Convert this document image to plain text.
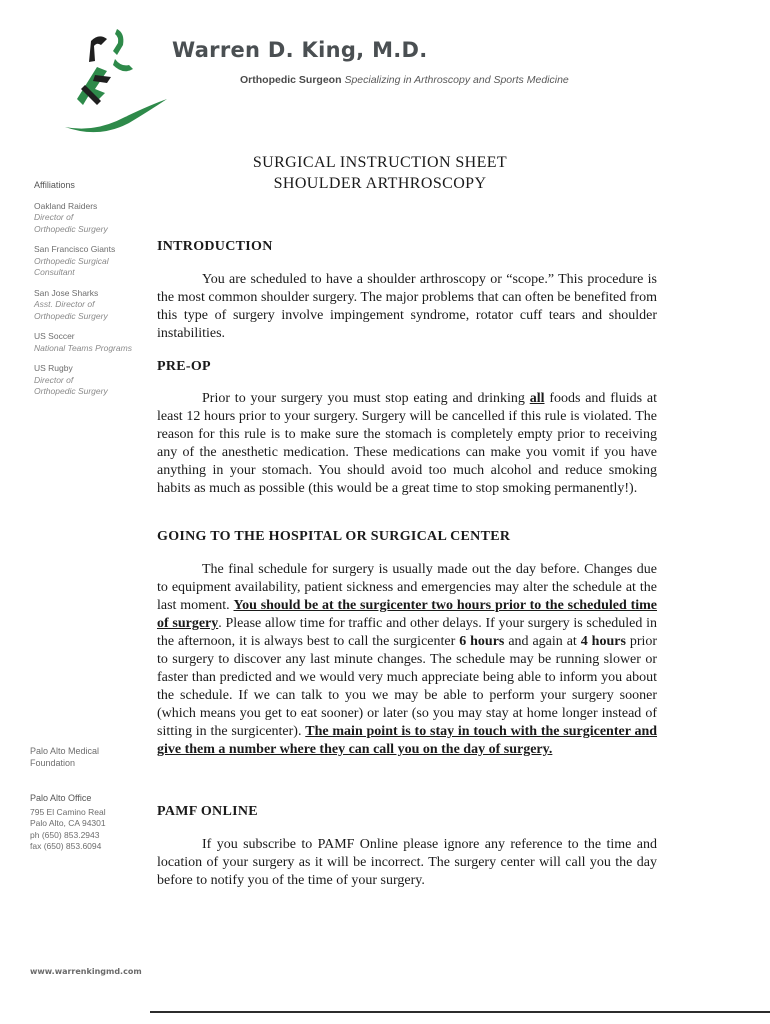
Warren D. King, M.D.
Orthopedic Surgeon Specializing in Arthroscopy and Sports Medicine
SURGICAL INSTRUCTION SHEET
SHOULDER ARTHROSCOPY
Affiliations
Oakland Raiders
Director of
Orthopedic Surgery
San Francisco Giants
Orthopedic Surgical
Consultant
San Jose Sharks
Asst. Director of
Orthopedic Surgery
US Soccer
National Teams Programs
US Rugby
Director of
Orthopedic Surgery
Palo Alto Medical
Foundation
Palo Alto Office
795 El Camino Real
Palo Alto, CA 94301
ph (650) 853.2943
fax (650) 853.6094
www.warrenkingmd.com
INTRODUCTION

You are scheduled to have a shoulder arthroscopy or “scope.” This procedure is the most common shoulder surgery. The major problems that can often be benefited from this type of surgery involve impingement syndrome, rotator cuff tears and shoulder instabilities.

PRE-OP

Prior to your surgery you must stop eating and drinking all foods and fluids at least 12 hours prior to your surgery. Surgery will be cancelled if this rule is violated. The reason for this rule is to make sure the stomach is completely empty prior to receiving any of the anesthetic medication. These medications can make you vomit if you have anything in your stomach. You should avoid too much alcohol and reduce smoking habits as much as possible (this would be a great time to stop smoking permanently!).

GOING TO THE HOSPITAL OR SURGICAL CENTER

The final schedule for surgery is usually made out the day before. Changes due to equipment availability, patient sickness and emergencies may alter the schedule at the last moment. You should be at the surgicenter two hours prior to the scheduled time of surgery. Please allow time for traffic and other delays. If your surgery is scheduled in the afternoon, it is always best to call the surgicenter 6 hours and again at 4 hours prior to surgery to discover any last minute changes. The schedule may be running slower or faster than predicted and we would very much appreciate being able to inform you about the schedule. If we can talk to you we may be able to perform your surgery sooner (which means you get to eat sooner) or later (so you may stay at home longer instead of sitting in the surgicenter). The main point is to stay in touch with the surgicenter and give them a number where they can call you on the day of surgery.

PAMF ONLINE

If you subscribe to PAMF Online please ignore any reference to the time and location of your surgery as it will be incorrect. The surgery center will call you the day before to notify you of the time of your surgery.
